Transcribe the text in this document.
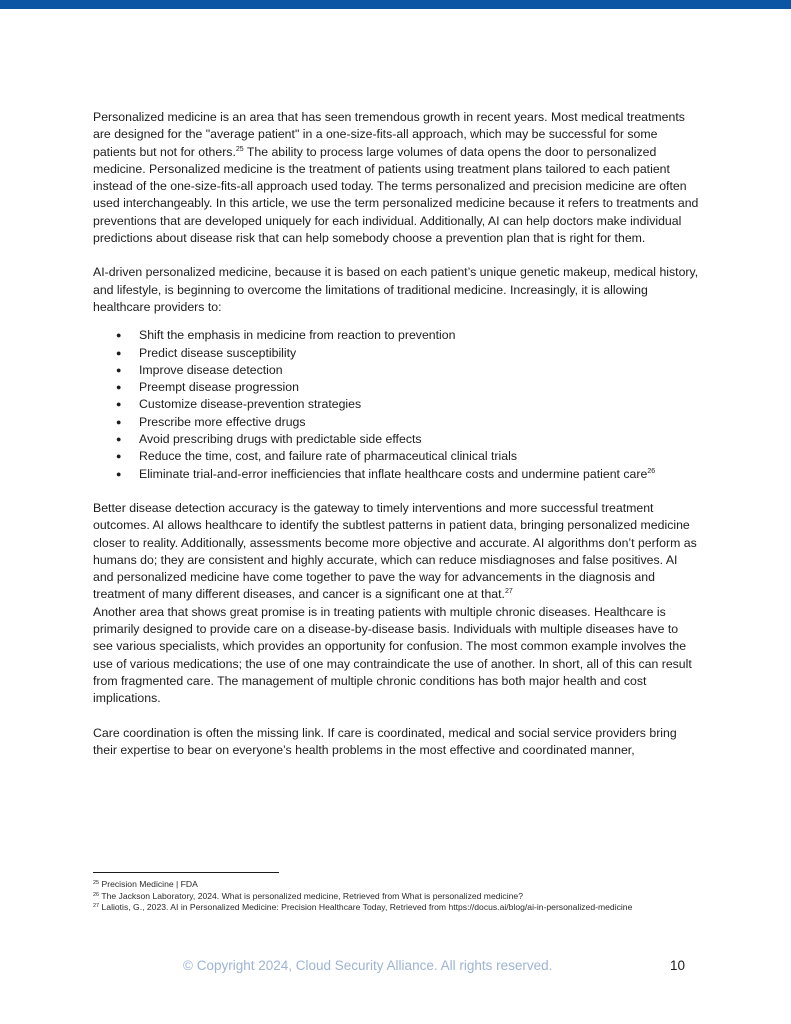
Personalized medicine is an area that has seen tremendous growth in recent years. Most medical treatments are designed for the "average patient" in a one-size-fits-all approach, which may be successful for some patients but not for others.$^{25}$ The ability to process large volumes of data opens the door to personalized medicine. Personalized medicine is the treatment of patients using treatment plans tailored to each patient instead of the one-size-fits-all approach used today. The terms personalized and precision medicine are often used interchangeably. In this article, we use the term personalized medicine because it refers to treatments and preventions that are developed uniquely for each individual. Additionally, AI can help doctors make individual predictions about disease risk that can help somebody choose a prevention plan that is right for them.

AI-driven personalized medicine, because it is based on each patient’s unique genetic makeup, medical history, and lifestyle, is beginning to overcome the limitations of traditional medicine. Increasingly, it is allowing healthcare providers to:

● Shift the emphasis in medicine from reaction to prevention
● Predict disease susceptibility
● Improve disease detection
● Preempt disease progression
● Customize disease-prevention strategies
● Prescribe more effective drugs
● Avoid prescribing drugs with predictable side effects
● Reduce the time, cost, and failure rate of pharmaceutical clinical trials
● Eliminate trial-and-error inefficiencies that inflate healthcare costs and undermine patient care$^{26}$

Better disease detection accuracy is the gateway to timely interventions and more successful treatment outcomes. AI allows healthcare to identify the subtlest patterns in patient data, bringing personalized medicine closer to reality. Additionally, assessments become more objective and accurate. AI algorithms don’t perform as humans do; they are consistent and highly accurate, which can reduce misdiagnoses and false positives. AI and personalized medicine have come together to pave the way for advancements in the diagnosis and treatment of many different diseases, and cancer is a significant one at that.$^{27}$

Another area that shows great promise is in treating patients with multiple chronic diseases. Healthcare is primarily designed to provide care on a disease-by-disease basis. Individuals with multiple diseases have to see various specialists, which provides an opportunity for confusion. The most common example involves the use of various medications; the use of one may contraindicate the use of another. In short, all of this can result from fragmented care. The management of multiple chronic conditions has both major health and cost implications.

Care coordination is often the missing link. If care is coordinated, medical and social service providers bring their expertise to bear on everyone’s health problems in the most effective and coordinated manner,

$^{25}$ Precision Medicine | FDA
$^{26}$ The Jackson Laboratory, 2024. What is personalized medicine, Retrieved from What is personalized medicine?
$^{27}$ Laliotis, G., 2023. AI in Personalized Medicine: Precision Healthcare Today, Retrieved from https://docus.ai/blog/ai-in-personalized-medicine
© Copyright 2024, Cloud Security Alliance. All rights reserved.	10
